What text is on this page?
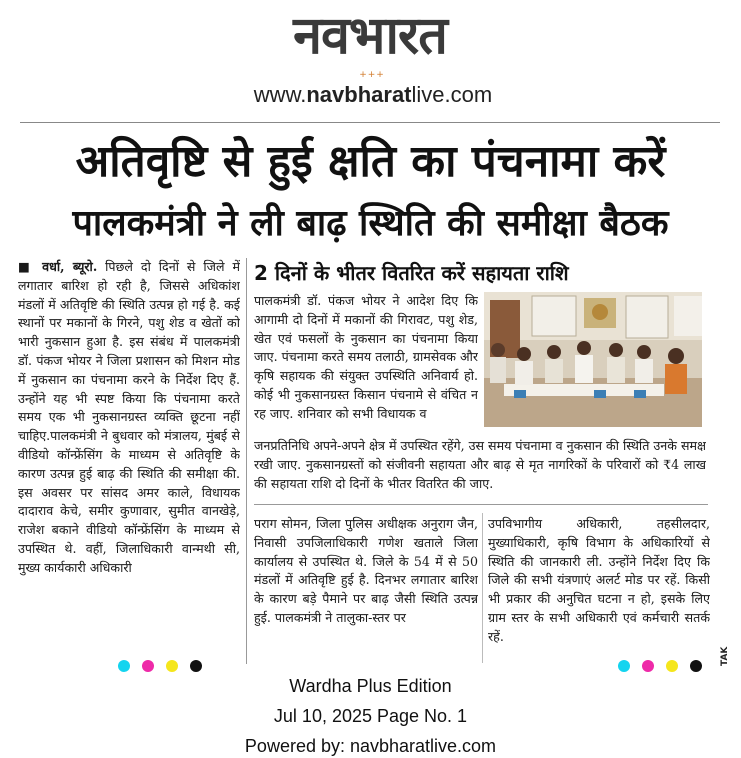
नवभारत
+++
www.navbharatlive.com
अतिवृष्टि से हुई क्षति का पंचनामा करें
पालकमंत्री ने ली बाढ़ स्थिति की समीक्षा बैठक
■ वर्धा, ब्यूरो. पिछले दो दिनों से जिले में लगातार बारिश हो रही है, जिससे अधिकांश मंडलों में अतिवृष्टि की स्थिति उत्पन्न हो गई है. कई स्थानों पर मकानों के गिरने, पशु शेड व खेतों को भारी नुकसान हुआ है. इस संबंध में पालकमंत्री डॉ. पंकज भोयर ने जिला प्रशासन को मिशन मोड में नुकसान का पंचनामा करने के निर्देश दिए हैं. उन्होंने यह भी स्पष्ट किया कि पंचनामा करते समय एक भी नुकसानग्रस्त व्यक्ति छूटना नहीं चाहिए.पालकमंत्री ने बुधवार को मंत्रालय, मुंबई से वीडियो कॉन्फ्रेंसिंग के माध्यम से अतिवृष्टि के कारण उत्पन्न हुई बाढ़ की स्थिति की समीक्षा की. इस अवसर पर सांसद अमर काले, विधायक दादाराव केचे, समीर कुणावार, सुमीत वानखेड़े, राजेश बकाने वीडियो कॉन्फ्रेंसिंग के माध्यम से उपस्थित थे. वहीं, जिलाधिकारी वान्मथी सी, मुख्य कार्यकारी अधिकारी
2 दिनों के भीतर वितरित करें सहायता राशि
पालकमंत्री डॉ. पंकज भोयर ने आदेश दिए कि आगामी दो दिनों में मकानों की गिरावट, पशु शेड, खेत एवं फसलों के नुकसान का पंचनामा किया जाए. पंचनामा करते समय तलाठी, ग्रामसेवक और कृषि सहायक की संयुक्त उपस्थिति अनिवार्य हो. कोई भी नुकसानग्रस्त किसान पंचनामे से वंचित न रह जाए. शनिवार को सभी विधायक व
जनप्रतिनिधि अपने-अपने क्षेत्र में उपस्थित रहेंगे, उस समय पंचनामा व नुकसान की स्थिति उनके समक्ष रखी जाए. नुकसानग्रस्तों को संजीवनी सहायता और बाढ़ से मृत नागरिकों के परिवारों को ₹4 लाख की सहायता राशि दो दिनों के भीतर वितरित की जाए.
पराग सोमन, जिला पुलिस अधीक्षक अनुराग जैन, निवासी उपजिलाधिकारी गणेश खताले जिला कार्यालय से उपस्थित थे. जिले के 54 में से 50 मंडलों में अतिवृष्टि हुई है. दिनभर लगातार बारिश के कारण बड़े पैमाने पर बाढ़ जैसी स्थिति उत्पन्न हुई. पालकमंत्री ने तालुका-स्तर पर
उपविभागीय अधिकारी, तहसीलदार, मुख्याधिकारी, कृषि विभाग के अधिकारियों से स्थिति की जानकारी ली. उन्होंने निर्देश दिए कि जिले की सभी यंत्रणाएं अलर्ट मोड पर रहें. किसी भी प्रकार की अनुचित घटना न हो, इसके लिए ग्राम स्तर के सभी अधिकारी एवं कर्मचारी सतर्क रहें.
TAK
Wardha Plus Edition
Jul 10, 2025 Page No. 1
Powered by: navbharatlive.com
